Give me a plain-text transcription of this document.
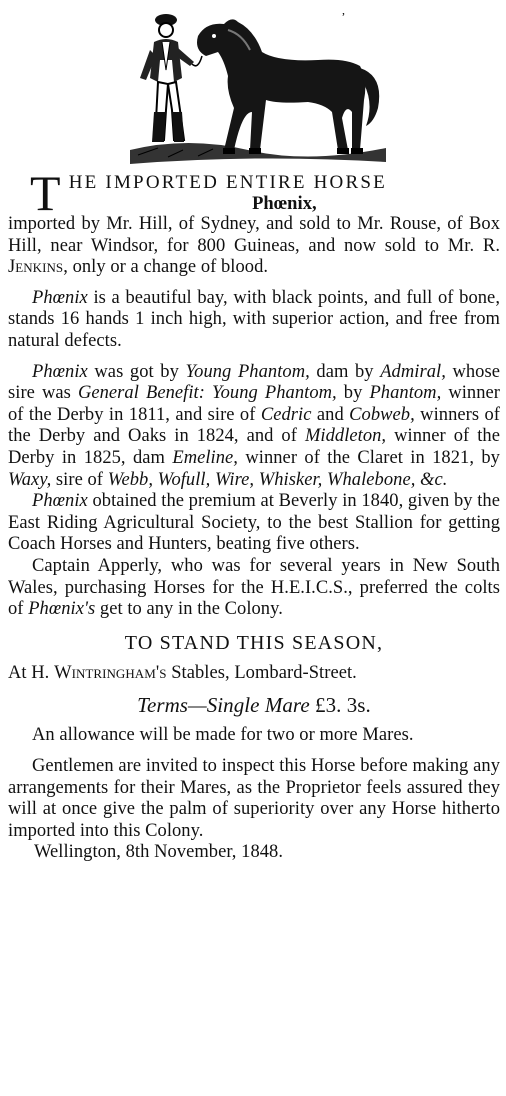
,
THE IMPORTED ENTIRE HORSE
Phœnix,

imported by Mr. Hill, of Sydney, and sold to Mr. Rouse, of Box Hill, near Windsor, for 800 Guineas, and now sold to Mr. R. Jenkins, only or a change of blood.

Phœnix is a beautiful bay, with black points, and full of bone, stands 16 hands 1 inch high, with superior action, and free from natural defects.

Phœnix was got by Young Phantom, dam by Admiral, whose sire was General Benefit: Young Phantom, by Phantom, winner of the Derby in 1811, and sire of Cedric and Cobweb, winners of the Derby and Oaks in 1824, and of Middleton, winner of the Derby in 1825, dam Emeline, winner of the Claret in 1821, by Waxy, sire of Webb, Wofull, Wire, Whisker, Whalebone, &c.

Phœnix obtained the premium at Beverly in 1840, given by the East Riding Agricultural Society, to the best Stallion for getting Coach Horses and Hunters, beating five others.

Captain Apperly, who was for several years in New South Wales, purchasing Horses for the H.E.I.C.S., preferred the colts of Phœnix's get to any in the Colony.

TO STAND THIS SEASON,

At H. Wintringham's Stables, Lombard-Street.

Terms—Single Mare £3. 3s.

An allowance will be made for two or more Mares.

Gentlemen are invited to inspect this Horse before making any arrangements for their Mares, as the Proprietor feels assured they will at once give the palm of superiority over any Horse hitherto imported into this Colony.

Wellington, 8th November, 1848.
